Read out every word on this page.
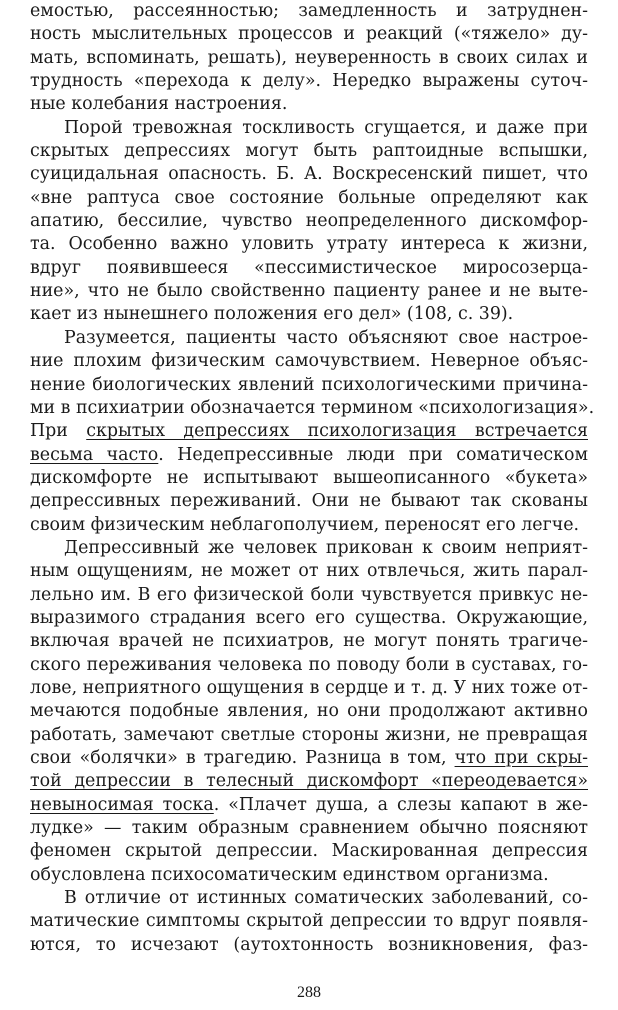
емостью, рассеянностью; замедленность и затруднен-
ность мыслительных процессов и реакций («тяжело» ду-
мать, вспоминать, решать), неуверенность в своих силах и
трудность «перехода к делу». Нередко выражены суточ-
ные колебания настроения.
Порой тревожная тоскливость сгущается, и даже при
скрытых депрессиях могут быть раптоидные вспышки,
суицидальная опасность. Б. А. Воскресенский пишет, что
«вне раптуса свое состояние больные определяют как
апатию, бессилие, чувство неопределенного дискомфор-
та. Особенно важно уловить утрату интереса к жизни,
вдруг появившееся «пессимистическое миросозерца-
ние», что не было свойственно пациенту ранее и не выте-
кает из нынешнего положения его дел» (108, с. 39).
Разумеется, пациенты часто объясняют свое настрое-
ние плохим физическим самочувствием. Неверное объяс-
нение биологических явлений психологическими причина-
ми в психиатрии обозначается термином «психологизация».
При скрытых депрессиях психологизация встречается
весьма часто. Недепрессивные люди при соматическом
дискомфорте не испытывают вышеописанного «букета»
депрессивных переживаний. Они не бывают так скованы
своим физическим неблагополучием, переносят его легче.
Депрессивный же человек прикован к своим неприят-
ным ощущениям, не может от них отвлечься, жить парал-
лельно им. В его физической боли чувствуется привкус не-
выразимого страдания всего его существа. Окружающие,
включая врачей не психиатров, не могут понять трагиче-
ского переживания человека по поводу боли в суставах, го-
лове, неприятного ощущения в сердце и т. д. У них тоже от-
мечаются подобные явления, но они продолжают активно
работать, замечают светлые стороны жизни, не превращая
свои «болячки» в трагедию. Разница в том, что при скры-
той депрессии в телесный дискомфорт «переодевается»
невыносимая тоска. «Плачет душа, а слезы капают в же-
лудке» — таким образным сравнением обычно поясняют
феномен скрытой депрессии. Маскированная депрессия
обусловлена психосоматическим единством организма.
В отличие от истинных соматических заболеваний, со-
матические симптомы скрытой депрессии то вдруг появля-
ются, то исчезают (аутохтонность возникновения, фаз-
288
